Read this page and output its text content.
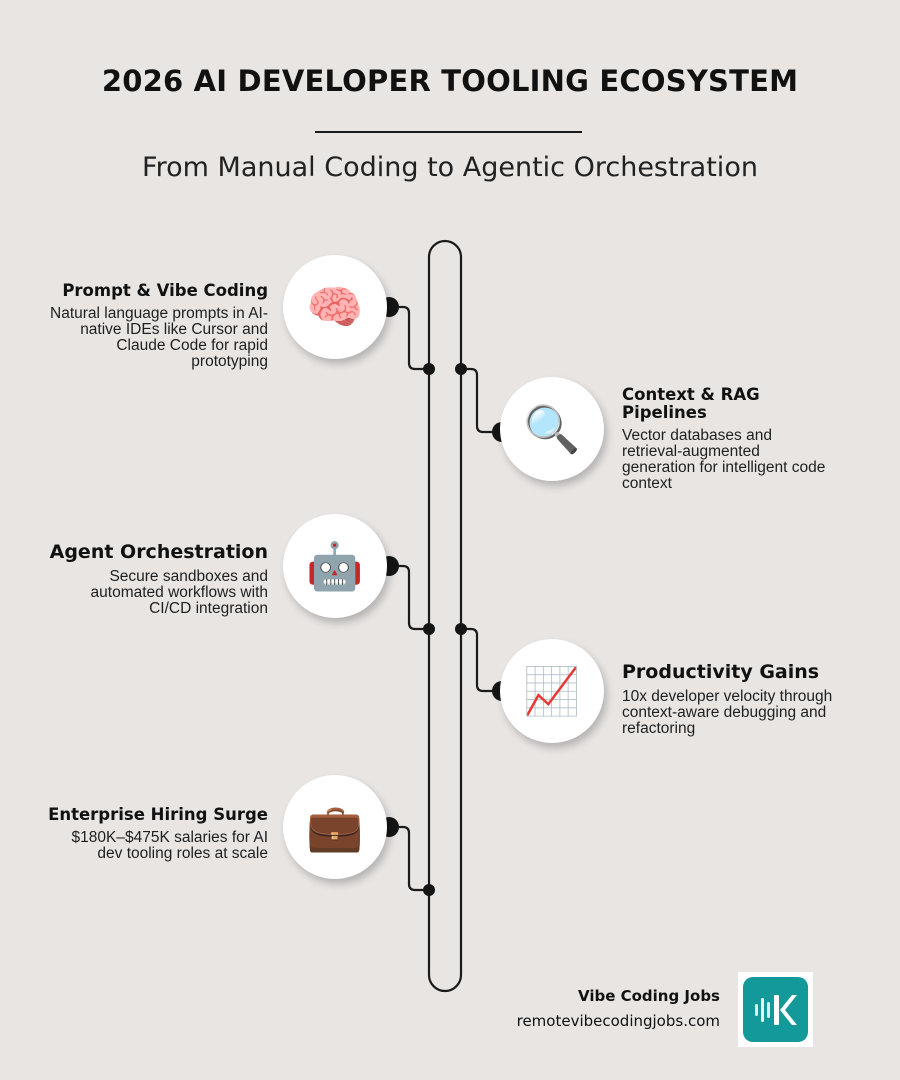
2026 AI DEVELOPER TOOLING ECOSYSTEM
From Manual Coding to Agentic Orchestration
🧠
Prompt & Vibe Coding
Natural language prompts in AI-native IDEs like Cursor and Claude Code for rapid prototyping
🔍
Context & RAG Pipelines
Vector databases and retrieval-augmented generation for intelligent code context
🤖
Agent Orchestration
Secure sandboxes and automated workflows with CI/CD integration
📈	Productivity Gains
10x developer velocity through context-aware debugging and refactoring
💼
Enterprise Hiring Surge
$180K–$475K salaries for AI dev tooling roles at scale
Vibe Coding Jobs
remotevibecodingjobs.com
